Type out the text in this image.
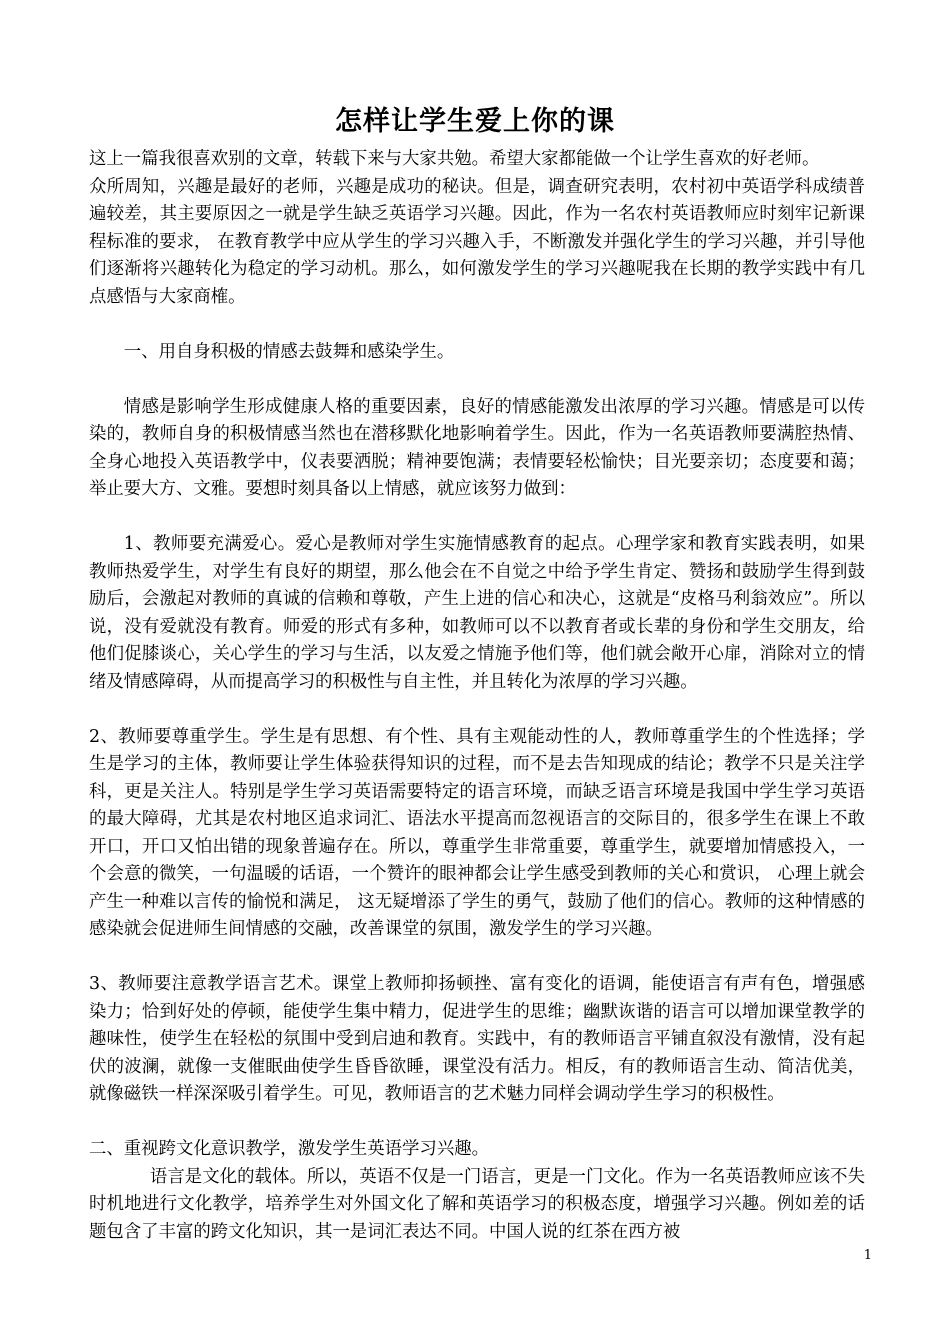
怎样让学生爱上你的课

这上一篇我很喜欢别的文章，转载下来与大家共勉。希望大家都能做一个让学生喜欢的好老师。

众所周知，兴趣是最好的老师，兴趣是成功的秘诀。但是，调查研究表明，农村初中英语学科成绩普遍较差，其主要原因之一就是学生缺乏英语学习兴趣。因此，作为一名农村英语教师应时刻牢记新课程标准的要求， 在教育教学中应从学生的学习兴趣入手，不断激发并强化学生的学习兴趣，并引导他们逐渐将兴趣转化为稳定的学习动机。那么，如何激发学生的学习兴趣呢我在长期的教学实践中有几点感悟与大家商榷。

一、用自身积极的情感去鼓舞和感染学生。

情感是影响学生形成健康人格的重要因素，良好的情感能激发出浓厚的学习兴趣。情感是可以传染的，教师自身的积极情感当然也在潜移默化地影响着学生。因此，作为一名英语教师要满腔热情、全身心地投入英语教学中，仪表要洒脱；精神要饱满；表情要轻松愉快；目光要亲切；态度要和蔼；举止要大方、文雅。要想时刻具备以上情感，就应该努力做到：

1、教师要充满爱心。爱心是教师对学生实施情感教育的起点。心理学家和教育实践表明，如果教师热爱学生，对学生有良好的期望，那么他会在不自觉之中给予学生肯定、赞扬和鼓励学生得到鼓励后，会激起对教师的真诚的信赖和尊敬，产生上进的信心和决心，这就是“皮格马利翁效应”。所以说，没有爱就没有教育。师爱的形式有多种，如教师可以不以教育者或长辈的身份和学生交朋友，给他们促膝谈心，关心学生的学习与生活，以友爱之情施予他们等，他们就会敞开心扉，消除对立的情绪及情感障碍，从而提高学习的积极性与自主性，并且转化为浓厚的学习兴趣。

2、教师要尊重学生。学生是有思想、有个性、具有主观能动性的人，教师尊重学生的个性选择；学生是学习的主体，教师要让学生体验获得知识的过程，而不是去告知现成的结论；教学不只是关注学科，更是关注人。特别是学生学习英语需要特定的语言环境，而缺乏语言环境是我国中学生学习英语的最大障碍，尤其是农村地区追求词汇、语法水平提高而忽视语言的交际目的，很多学生在课上不敢开口，开口又怕出错的现象普遍存在。所以，尊重学生非常重要，尊重学生，就要增加情感投入，一个会意的微笑，一句温暖的话语，一个赞许的眼神都会让学生感受到教师的关心和赏识， 心理上就会产生一种难以言传的愉悦和满足， 这无疑增添了学生的勇气，鼓励了他们的信心。教师的这种情感的感染就会促进师生间情感的交融，改善课堂的氛围，激发学生的学习兴趣。

3、教师要注意教学语言艺术。课堂上教师抑扬顿挫、富有变化的语调，能使语言有声有色，增强感染力；恰到好处的停顿，能使学生集中精力，促进学生的思维；幽默诙谐的语言可以增加课堂教学的趣味性，使学生在轻松的氛围中受到启迪和教育。实践中，有的教师语言平铺直叙没有激情，没有起伏的波澜，就像一支催眠曲使学生昏昏欲睡，课堂没有活力。相反，有的教师语言生动、简洁优美，就像磁铁一样深深吸引着学生。可见，教师语言的艺术魅力同样会调动学生学习的积极性。

二、重视跨文化意识教学，激发学生英语学习兴趣。

语言是文化的载体。所以，英语不仅是一门语言，更是一门文化。作为一名英语教师应该不失时机地进行文化教学，培养学生对外国文化了解和英语学习的积极态度，增强学习兴趣。例如差的话题包含了丰富的跨文化知识，其一是词汇表达不同。中国人说的红茶在西方被

1
